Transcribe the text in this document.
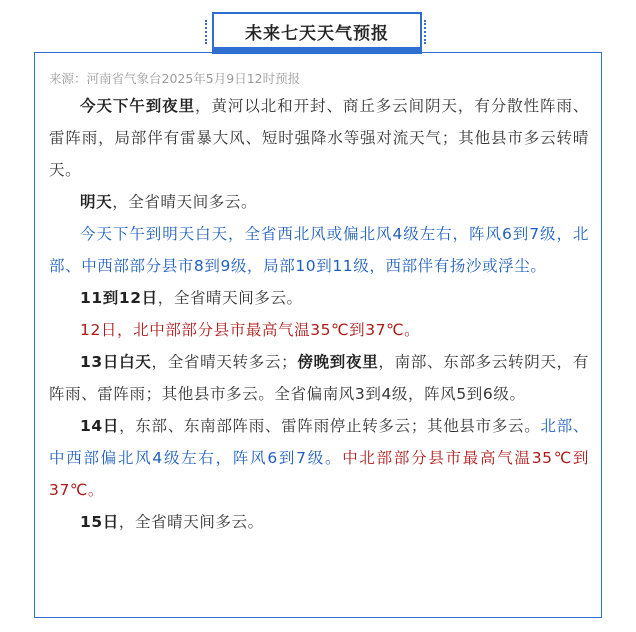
未来七天天气预报
来源：河南省气象台2025年5月9日12时预报

今天下午到夜里，黄河以北和开封、商丘多云间阴天，有分散性阵雨、雷阵雨，局部伴有雷暴大风、短时强降水等强对流天气；其他县市多云转晴天。

明天，全省晴天间多云。

今天下午到明天白天，全省西北风或偏北风4级左右，阵风6到7级，北部、中西部部分县市8到9级，局部10到11级，西部伴有扬沙或浮尘。

11到12日，全省晴天间多云。

12日，北中部部分县市最高气温35℃到37℃。

13日白天，全省晴天转多云；傍晚到夜里，南部、东部多云转阴天，有阵雨、雷阵雨；其他县市多云。全省偏南风3到4级，阵风5到6级。

14日，东部、东南部阵雨、雷阵雨停止转多云；其他县市多云。北部、中西部偏北风4级左右，阵风6到7级。中北部部分县市最高气温35℃到37℃。

15日，全省晴天间多云。
